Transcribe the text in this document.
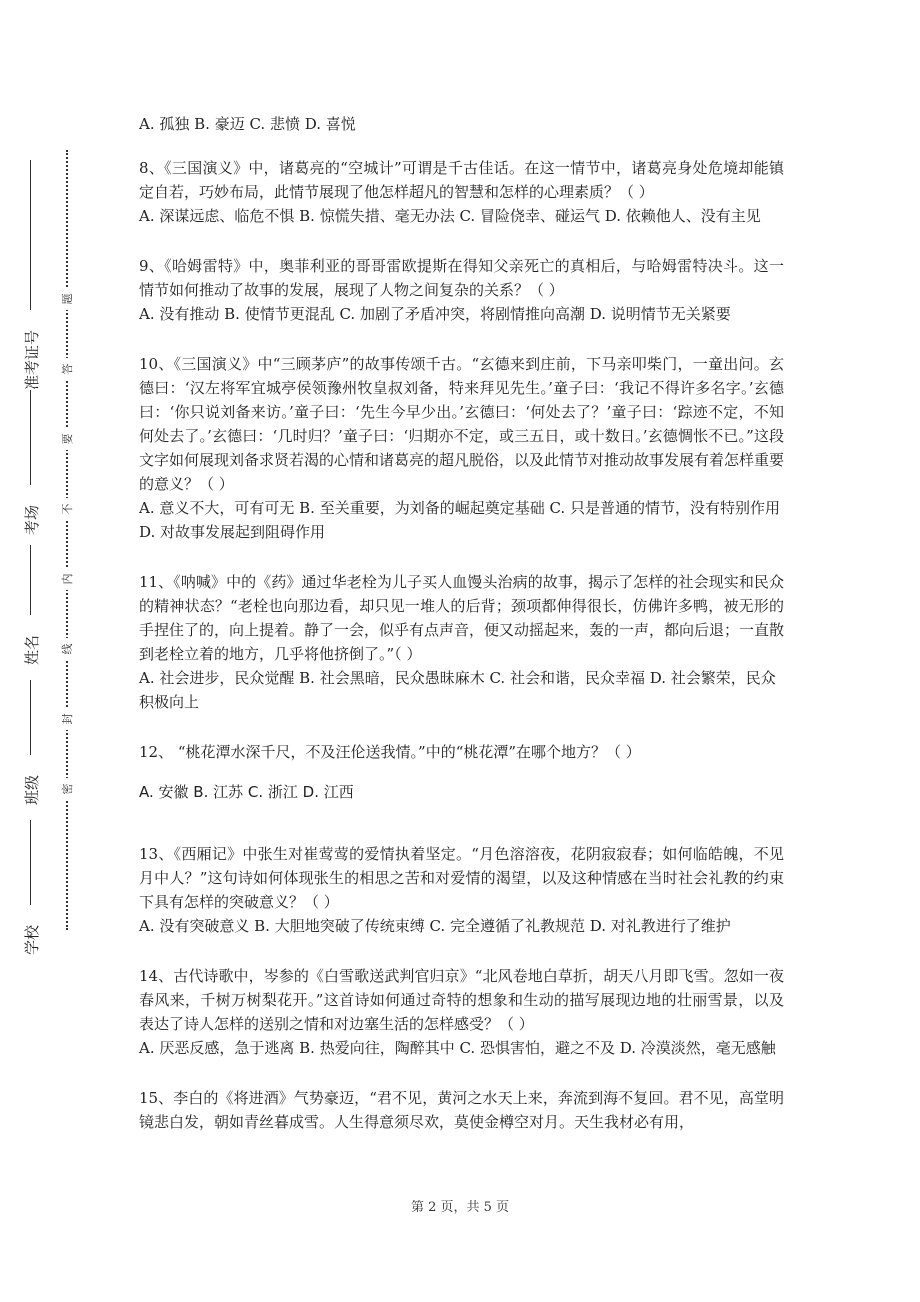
准考证号
考场
姓名
班级
学校
题
答
要
不
内
线
封
密

A. 孤独 B. 豪迈 C. 悲愤 D. 喜悦

8、《三国演义》中，诸葛亮的“空城计”可谓是千古佳话。在这一情节中，诸葛亮身处危境却能镇定自若，巧妙布局，此情节展现了他怎样超凡的智慧和怎样的心理素质？（ ）

A. 深谋远虑、临危不惧 B. 惊慌失措、毫无办法 C. 冒险侥幸、碰运气 D. 依赖他人、没有主见

9、《哈姆雷特》中，奥菲利亚的哥哥雷欧提斯在得知父亲死亡的真相后，与哈姆雷特决斗。这一情节如何推动了故事的发展，展现了人物之间复杂的关系？（ ）

A. 没有推动 B. 使情节更混乱 C. 加剧了矛盾冲突，将剧情推向高潮 D. 说明情节无关紧要

10、《三国演义》中“三顾茅庐”的故事传颂千古。“玄德来到庄前，下马亲叩柴门，一童出问。玄德曰：‘汉左将军宜城亭侯领豫州牧皇叔刘备，特来拜见先生。’童子曰：‘我记不得许多名字。’玄德曰：‘你只说刘备来访。’童子曰：‘先生今早少出。’玄德曰：‘何处去了？’童子曰：‘踪迹不定，不知何处去了。’玄德曰：‘几时归？’童子曰：‘归期亦不定，或三五日，或十数日。’玄德惆怅不已。”这段文字如何展现刘备求贤若渴的心情和诸葛亮的超凡脱俗，以及此情节对推动故事发展有着怎样重要的意义？（ ）

A. 意义不大，可有可无 B. 至关重要，为刘备的崛起奠定基础 C. 只是普通的情节，没有特别作用 D. 对故事发展起到阻碍作用

11、《呐喊》中的《药》通过华老栓为儿子买人血馒头治病的故事，揭示了怎样的社会现实和民众的精神状态？“老栓也向那边看，却只见一堆人的后背；颈项都伸得很长，仿佛许多鸭，被无形的手捏住了的，向上提着。静了一会，似乎有点声音，便又动摇起来，轰的一声，都向后退；一直散到老栓立着的地方，几乎将他挤倒了。”（ ）

A. 社会进步，民众觉醒 B. 社会黑暗，民众愚昧麻木 C. 社会和谐，民众幸福 D. 社会繁荣，民众积极向上

12、 “桃花潭水深千尺，不及汪伦送我情。”中的“桃花潭”在哪个地方？（ ）

A. 安徽 B. 江苏 C. 浙江 D. 江西

13、《西厢记》中张生对崔莺莺的爱情执着坚定。“月色溶溶夜，花阴寂寂春；如何临皓魄，不见月中人？”这句诗如何体现张生的相思之苦和对爱情的渴望，以及这种情感在当时社会礼教的约束下具有怎样的突破意义？（ ）

A. 没有突破意义 B. 大胆地突破了传统束缚 C. 完全遵循了礼教规范 D. 对礼教进行了维护

14、古代诗歌中，岑参的《白雪歌送武判官归京》“北风卷地白草折，胡天八月即飞雪。忽如一夜春风来，千树万树梨花开。”这首诗如何通过奇特的想象和生动的描写展现边地的壮丽雪景，以及表达了诗人怎样的送别之情和对边塞生活的怎样感受？（ ）

A. 厌恶反感，急于逃离 B. 热爱向往，陶醉其中 C. 恐惧害怕，避之不及 D. 冷漠淡然，毫无感触

15、李白的《将进酒》气势豪迈，“君不见，黄河之水天上来，奔流到海不复回。君不见，高堂明镜悲白发，朝如青丝暮成雪。人生得意须尽欢，莫使金樽空对月。天生我材必有用，

第 2 页，共 5 页
